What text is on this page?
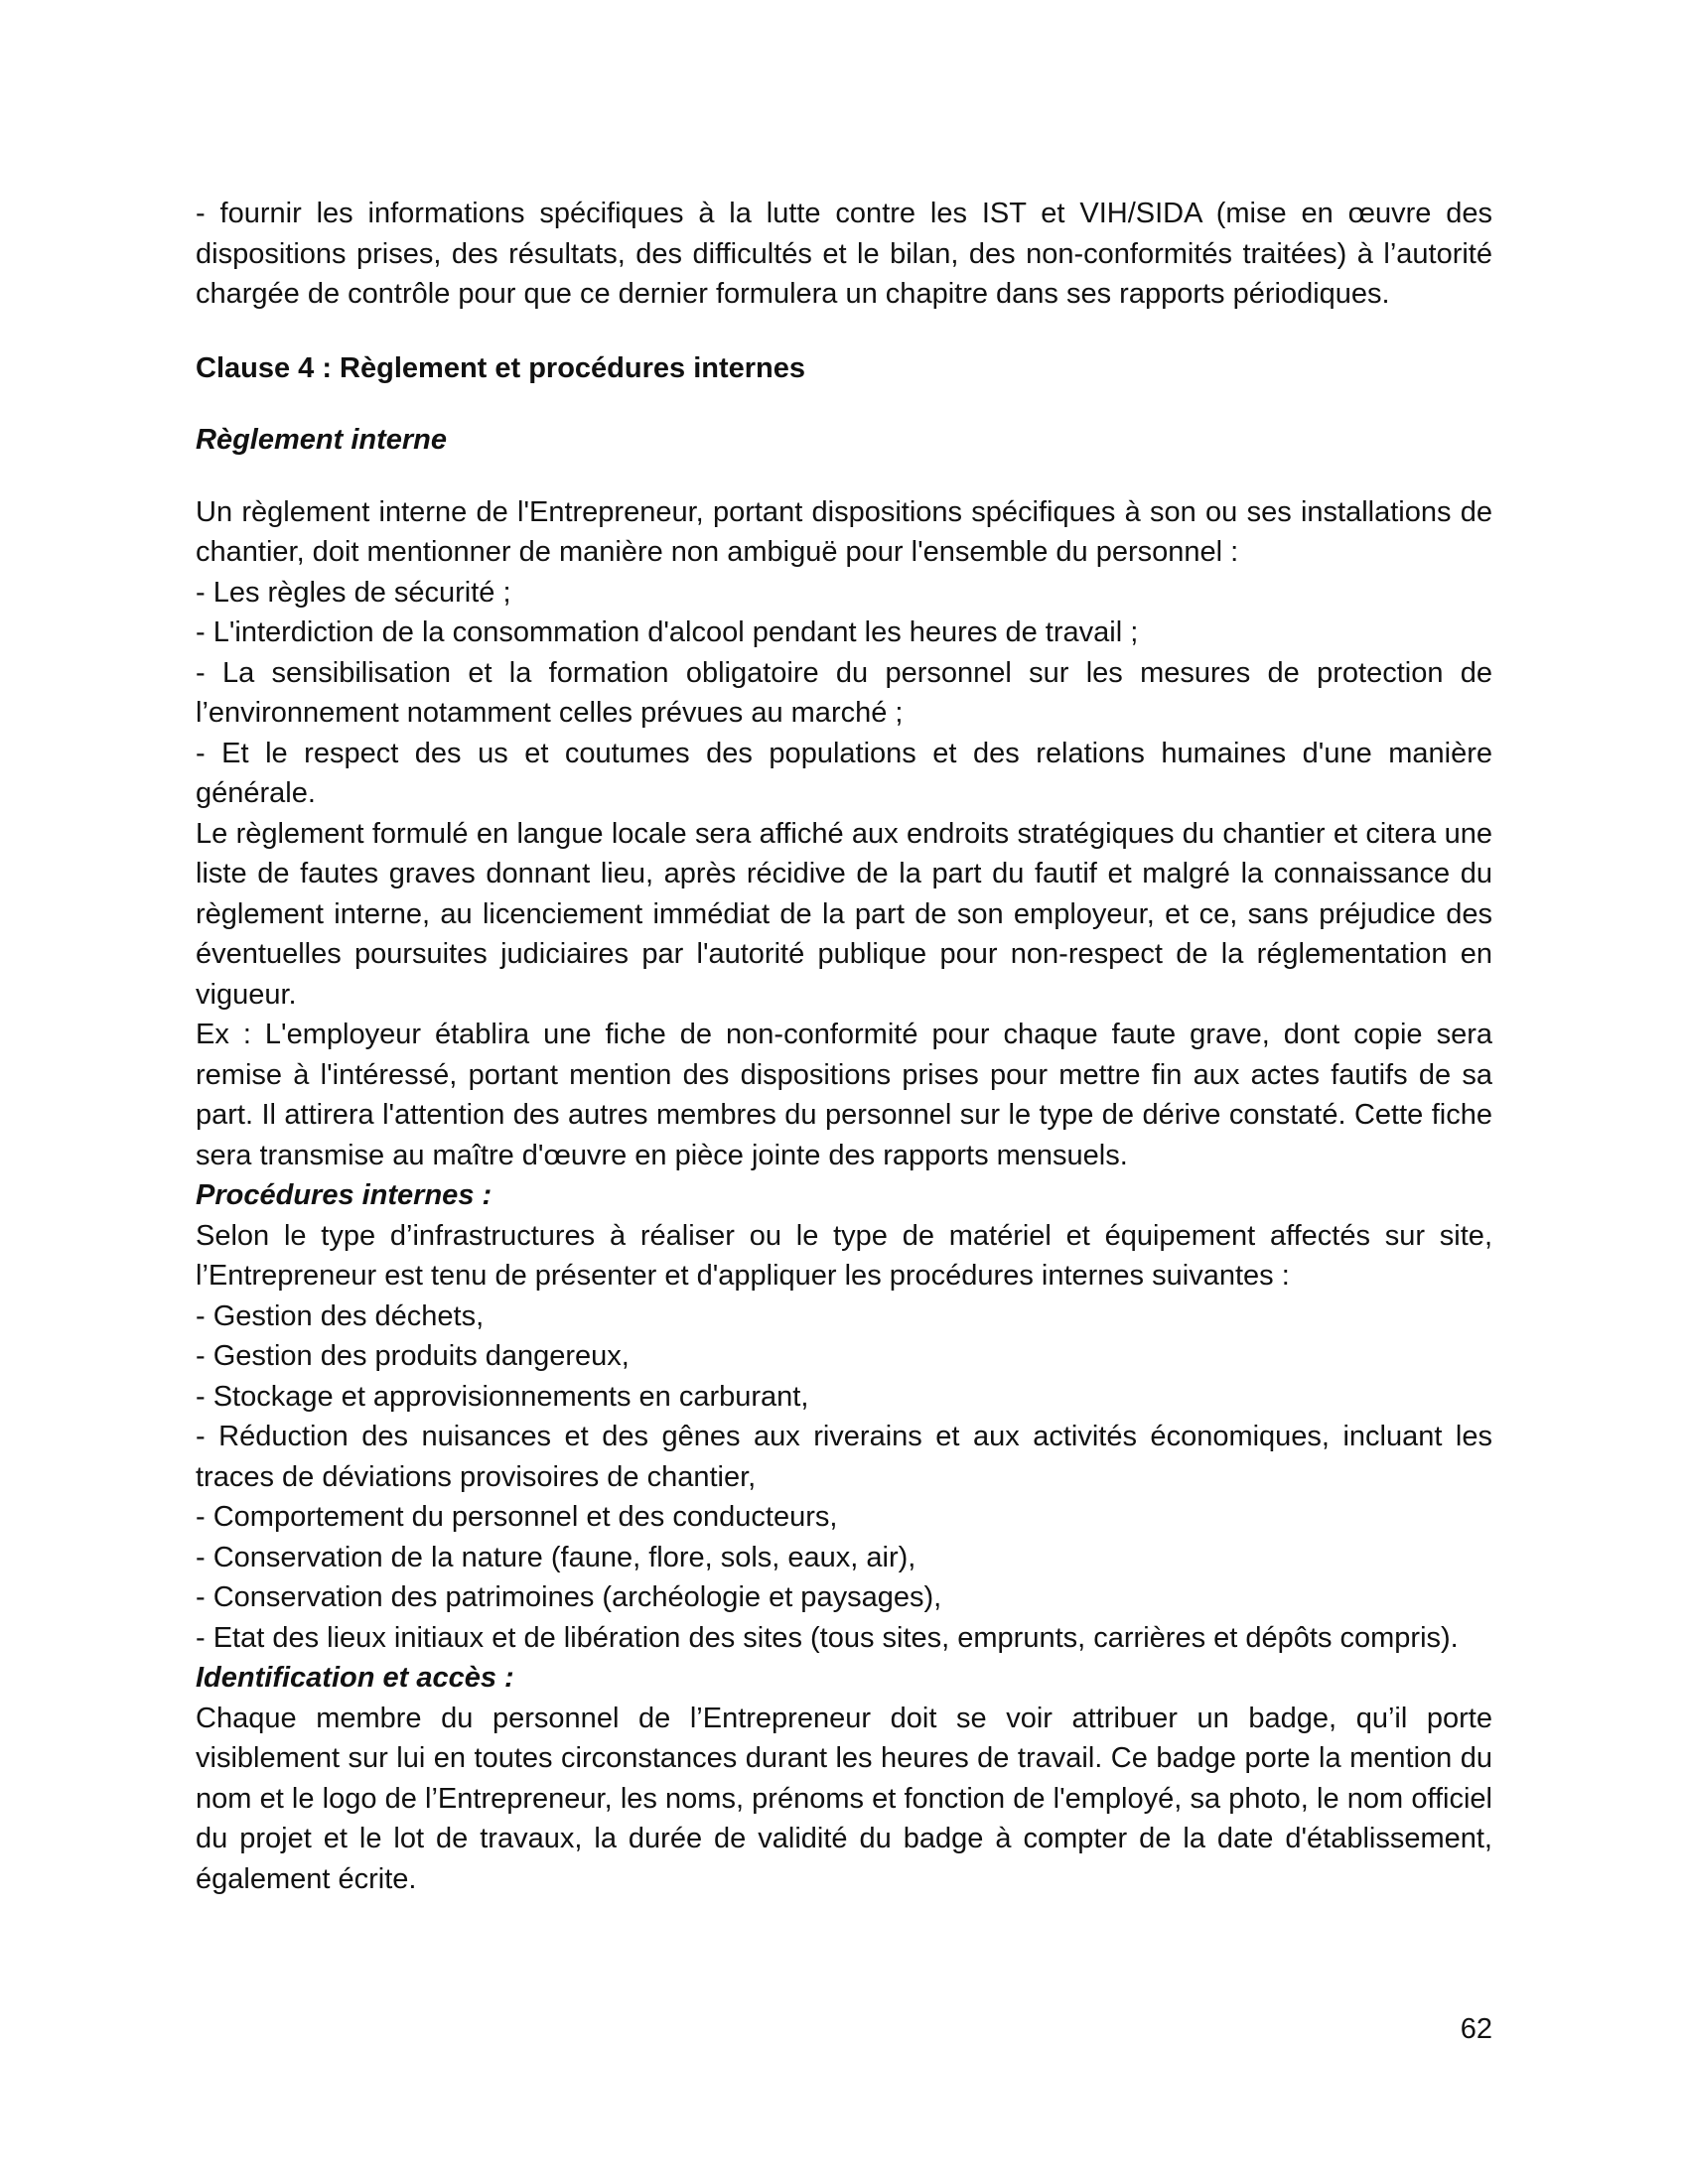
- fournir les informations spécifiques à la lutte contre les IST et VIH/SIDA (mise en œuvre des dispositions prises, des résultats, des difficultés et le bilan, des non-conformités traitées) à l’autorité chargée de contrôle pour que ce dernier formulera un chapitre dans ses rapports périodiques.

Clause 4 : Règlement et procédures internes

Règlement interne

Un règlement interne de l'Entrepreneur, portant dispositions spécifiques à son ou ses installations de chantier, doit mentionner de manière non ambiguë pour l'ensemble du personnel :

- Les règles de sécurité ;

- L'interdiction de la consommation d'alcool pendant les heures de travail ;

- La sensibilisation et la formation obligatoire du personnel sur les mesures de protection de l’environnement notamment celles prévues au marché ;

- Et le respect des us et coutumes des populations et des relations humaines d'une manière générale.

Le règlement formulé en langue locale sera affiché aux endroits stratégiques du chantier et citera une liste de fautes graves donnant lieu, après récidive de la part du fautif et malgré la connaissance du règlement interne, au licenciement immédiat de la part de son employeur, et ce, sans préjudice des éventuelles poursuites judiciaires par l'autorité publique pour non-respect de la réglementation en vigueur.

Ex : L'employeur établira une fiche de non-conformité pour chaque faute grave, dont copie sera remise à l'intéressé, portant mention des dispositions prises pour mettre fin aux actes fautifs de sa part. Il attirera l'attention des autres membres du personnel sur le type de dérive constaté. Cette fiche sera transmise au maître d'œuvre en pièce jointe des rapports mensuels.

Procédures internes :

Selon le type d’infrastructures à réaliser ou le type de matériel et équipement affectés sur site, l’Entrepreneur est tenu de présenter et d'appliquer les procédures internes suivantes :

- Gestion des déchets,

- Gestion des produits dangereux,

- Stockage et approvisionnements en carburant,

- Réduction des nuisances et des gênes aux riverains et aux activités économiques, incluant les traces de déviations provisoires de chantier,

- Comportement du personnel et des conducteurs,

- Conservation de la nature (faune, flore, sols, eaux, air),

- Conservation des patrimoines (archéologie et paysages),

- Etat des lieux initiaux et de libération des sites (tous sites, emprunts, carrières et dépôts compris).

Identification et accès :

Chaque membre du personnel de l’Entrepreneur doit se voir attribuer un badge, qu’il porte visiblement sur lui en toutes circonstances durant les heures de travail. Ce badge porte la mention du nom et le logo de l’Entrepreneur, les noms, prénoms et fonction de l'employé, sa photo, le nom officiel du projet et le lot de travaux, la durée de validité du badge à compter de la date d'établissement, également écrite.

62
